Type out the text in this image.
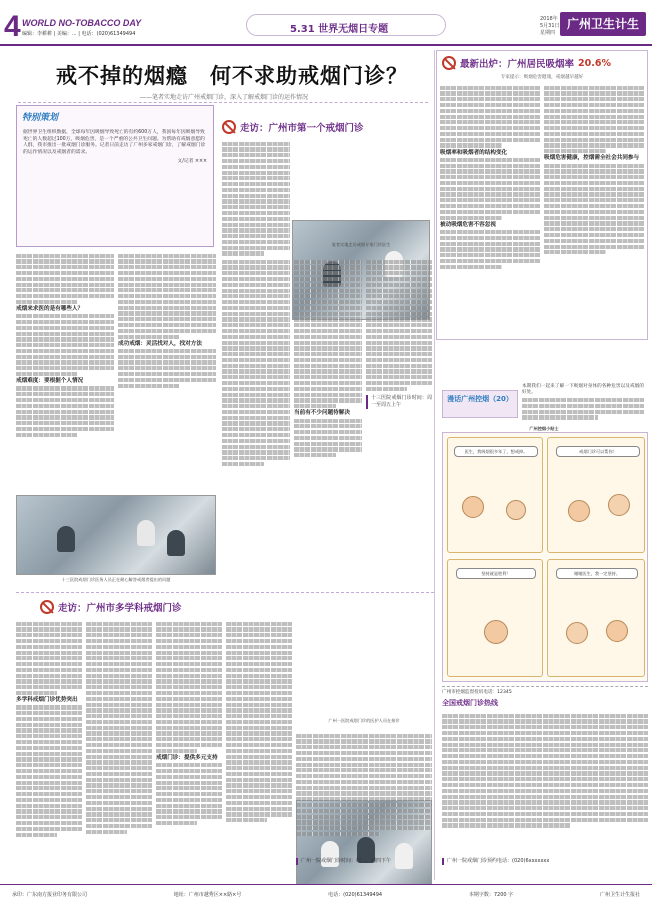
4 WORLD NO-TOBACCO DAY
编辑：李耕耕 | 美编：... | 电话：(020)61349494	5.31 世界无烟日专题
2018年
5月31日
星期四
广州卫生计生
戒不掉的烟瘾　何不求助戒烟门诊？
——笔者实地走访广州戒烟门诊，深入了解戒烟门诊的运作情况
据世界卫生组织数据，全球每年因吸烟导致死亡的有约600万人，我国每年因吸烟导致死亡的人数超过100万，吸烟危害，是一个严重的公共卫生问题。为帮助有戒烟意愿的人群，我市推出一批戒烟门诊服务。记者日前走访了广州多家戒烟门诊，了解戒烟门诊的运作情况以及戒烟者的需求。
文/记者 ×××
特别策划
戒烟来求医的是有哪些人？
戒烟难度：要根据个人情况
成功戒烟：灵活找对人，找对方法
十三医院戒烟门诊医务人员正在耐心解答戒烟者提出的问题
走访：广州市第一个戒烟门诊
笔者实地走访戒烟专家门诊医生
当前有不少问题待解决
十三医院戒烟门诊时间：周一至周五上午
走访：广州市多学科戒烟门诊
多学科戒烟门诊优势突出
戒烟门诊：提供多元支持
广州一医院戒烟门诊的医护人员在接诊
广州一院戒烟门诊时间：周二、周四下午
最新出炉：广州居民吸烟率 20.6%
专家提示：吸烟危害健康，戒烟越早越好
吸烟率和吸烟者的结构变化
被动吸烟危害不容忽视
吸烟危害健康，控烟需全社会共同参与
漫话广州控烟（20）
本期我们一起来了解一下吸烟对身体的各种危害以及戒烟的好处。
广州控烟小贴士
医生，我吸烟很多年了，想戒掉。	戒烟门诊可以帮你！
坚持就是胜利！	谢谢医生，我一定坚持。
广州市控烟监督投诉电话：12345
全国戒烟门诊热线
广州一院戒烟门诊预约电话：(020)6xxxxxxx
承印：广东南方报业印务有限公司	地址：广州市越秀区××路×号	电话：(020)61349494	本期字数：7200 字	广州卫生计生报社
